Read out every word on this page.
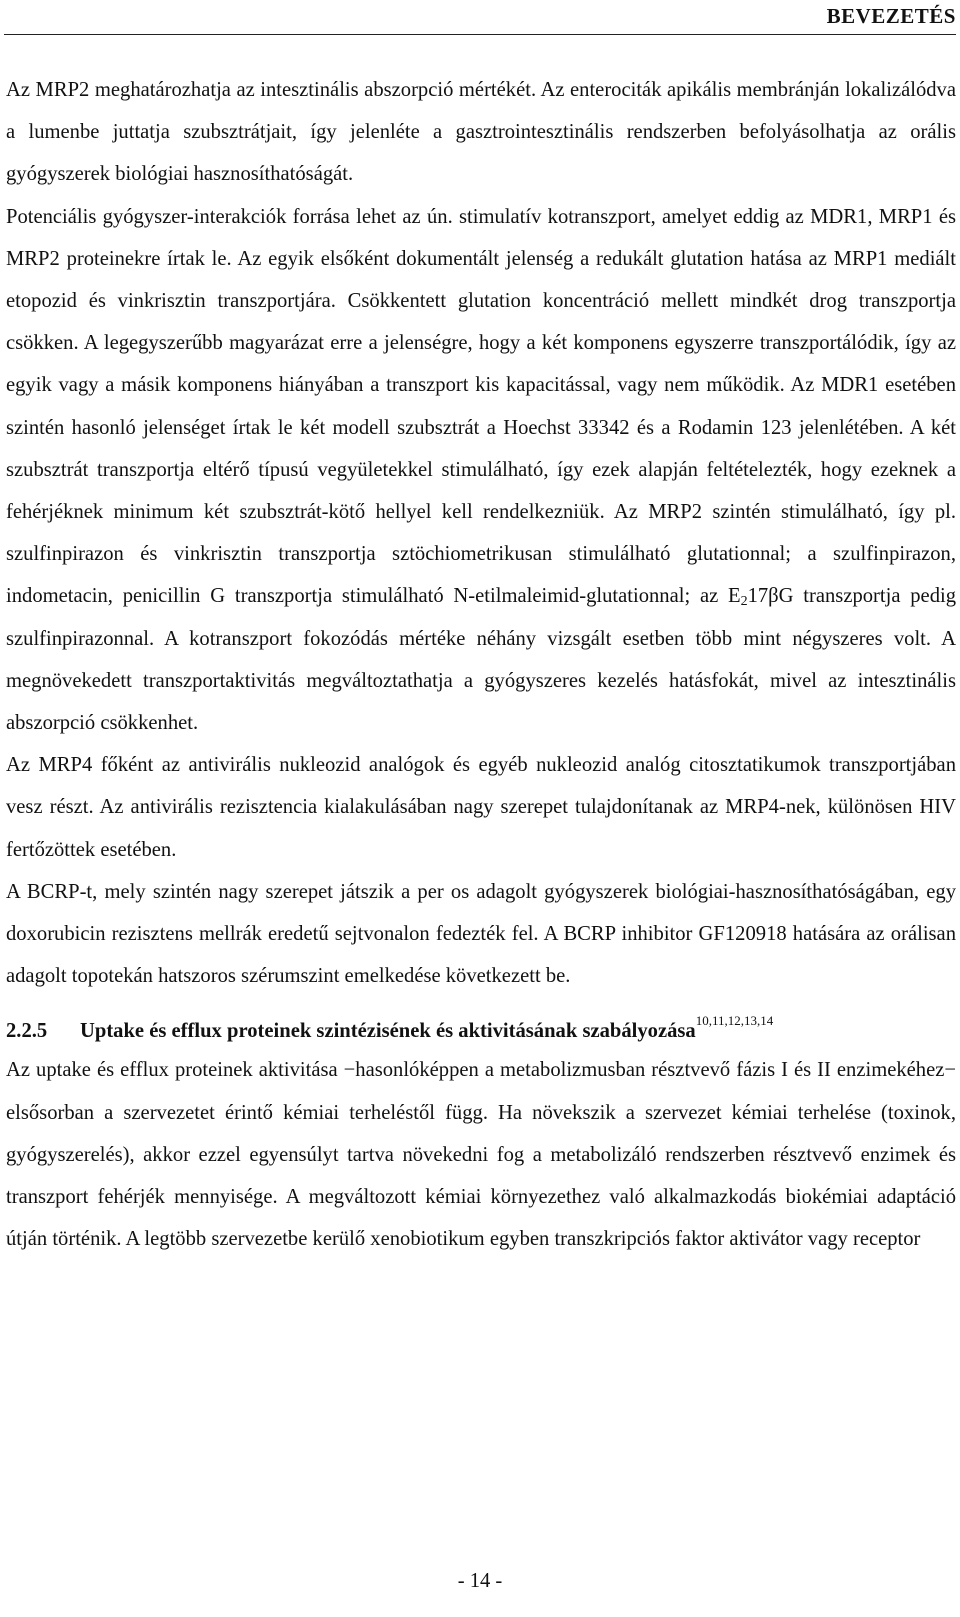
BEVEZETÉS

Az MRP2 meghatározhatja az intesztinális abszorpció mértékét. Az enterociták apikális membránján lokalizálódva a lumenbe juttatja szubsztrátjait, így jelenléte a gasztrointesztinális rendszerben befolyásolhatja az orális gyógyszerek biológiai hasznosíthatóságát.

Potenciális gyógyszer-interakciók forrása lehet az ún. stimulatív kotranszport, amelyet eddig az MDR1, MRP1 és MRP2 proteinekre írtak le. Az egyik elsőként dokumentált jelenség a redukált glutation hatása az MRP1 mediált etopozid és vinkrisztin transzportjára. Csökkentett glutation koncentráció mellett mindkét drog transzportja csökken. A legegyszerűbb magyarázat erre a jelenségre, hogy a két komponens egyszerre transzportálódik, így az egyik vagy a másik komponens hiányában a transzport kis kapacitással, vagy nem működik. Az MDR1 esetében szintén hasonló jelenséget írtak le két modell szubsztrát a Hoechst 33342 és a Rodamin 123 jelenlétében. A két szubsztrát transzportja eltérő típusú vegyületekkel stimulálható, így ezek alapján feltételezték, hogy ezeknek a fehérjéknek minimum két szubsztrát-kötő hellyel kell rendelkezniük. Az MRP2 szintén stimulálható, így pl. szulfinpirazon és vinkrisztin transzportja sztöchiometrikusan stimulálható glutationnal; a szulfinpirazon, indometacin, penicillin G transzportja stimulálható N-etilmaleimid-glutationnal; az $E_217\beta G$ transzportja pedig szulfinpirazonnal. A kotranszport fokozódás mértéke néhány vizsgált esetben több mint négyszeres volt. A megnövekedett transzportaktivitás megváltoztathatja a gyógyszeres kezelés hatásfokát, mivel az intesztinális abszorpció csökkenhet.

Az MRP4 főként az antivirális nukleozid analógok és egyéb nukleozid analóg citosztatikumok transzportjában vesz részt. Az antivirális rezisztencia kialakulásában nagy szerepet tulajdonítanak az MRP4-nek, különösen HIV fertőzöttek esetében.

A BCRP-t, mely szintén nagy szerepet játszik a per os adagolt gyógyszerek biológiai-hasznosíthatóságában, egy doxorubicin rezisztens mellrák eredetű sejtvonalon fedezték fel. A BCRP inhibitor GF120918 hatására az orálisan adagolt topotekán hatszoros szérumszint emelkedése következett be.

2.2.5 Uptake és efflux proteinek szintézisének és aktivitásának szabályozása$^{10,11,12,13,14}$

Az uptake és efflux proteinek aktivitása −hasonlóképpen a metabolizmusban résztvevő fázis I és II enzimekéhez− elsősorban a szervezetet érintő kémiai terheléstől függ. Ha növekszik a szervezet kémiai terhelése (toxinok, gyógyszerelés), akkor ezzel egyensúlyt tartva növekedni fog a metabolizáló rendszerben résztvevő enzimek és transzport fehérjék mennyisége. A megváltozott kémiai környezethez való alkalmazkodás biokémiai adaptáció útján történik. A legtöbb szervezetbe kerülő xenobiotikum egyben transzkripciós faktor aktivátor vagy receptor

- 14 -
